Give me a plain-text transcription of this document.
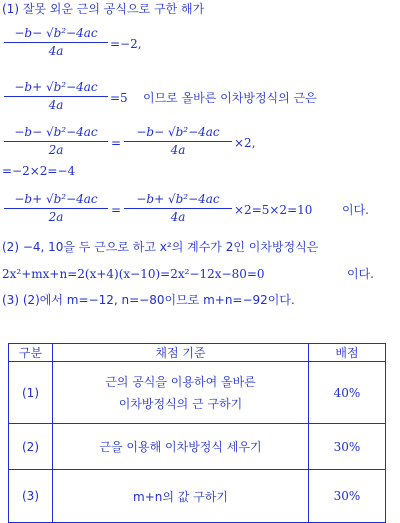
(1) 잘못 외운 근의 공식으로 구한 해가
$\frac{\text{−b− √b²−4ac}}{4a} =-2$,
$\frac{\text{−b+ √b²−4ac}}{4a} =5$ 이므로 올바른 이차방정식의 근은
$\frac{\text{−b− √b²−4ac}}{2a} = \frac{\text{−b− √b²−4ac}}{4a} \times 2$,
=−2×2=−4
$\frac{\text{−b+ √b²−4ac}}{2a} = \frac{\text{−b+ √b²−4ac}}{4a} \times 2=5\times 2=10$ 이다.
(2) −4, 10을 두 근으로 하고 x²의 계수가 2인 이차방정식은
2x²+mx+n=2(x+4)(x−10)=2x²−12x−80=0	이다.
(3) (2)에서 m=−12, n=−80이므로 m+n=−92이다.
구분	채점 기준	배점
(1)	근의 공식을 이용하여 올바른
이차방정식의 근 구하기	40%
(2)	근을 이용해 이차방정식 세우기	30%
(3)	m+n의 값 구하기	30%
